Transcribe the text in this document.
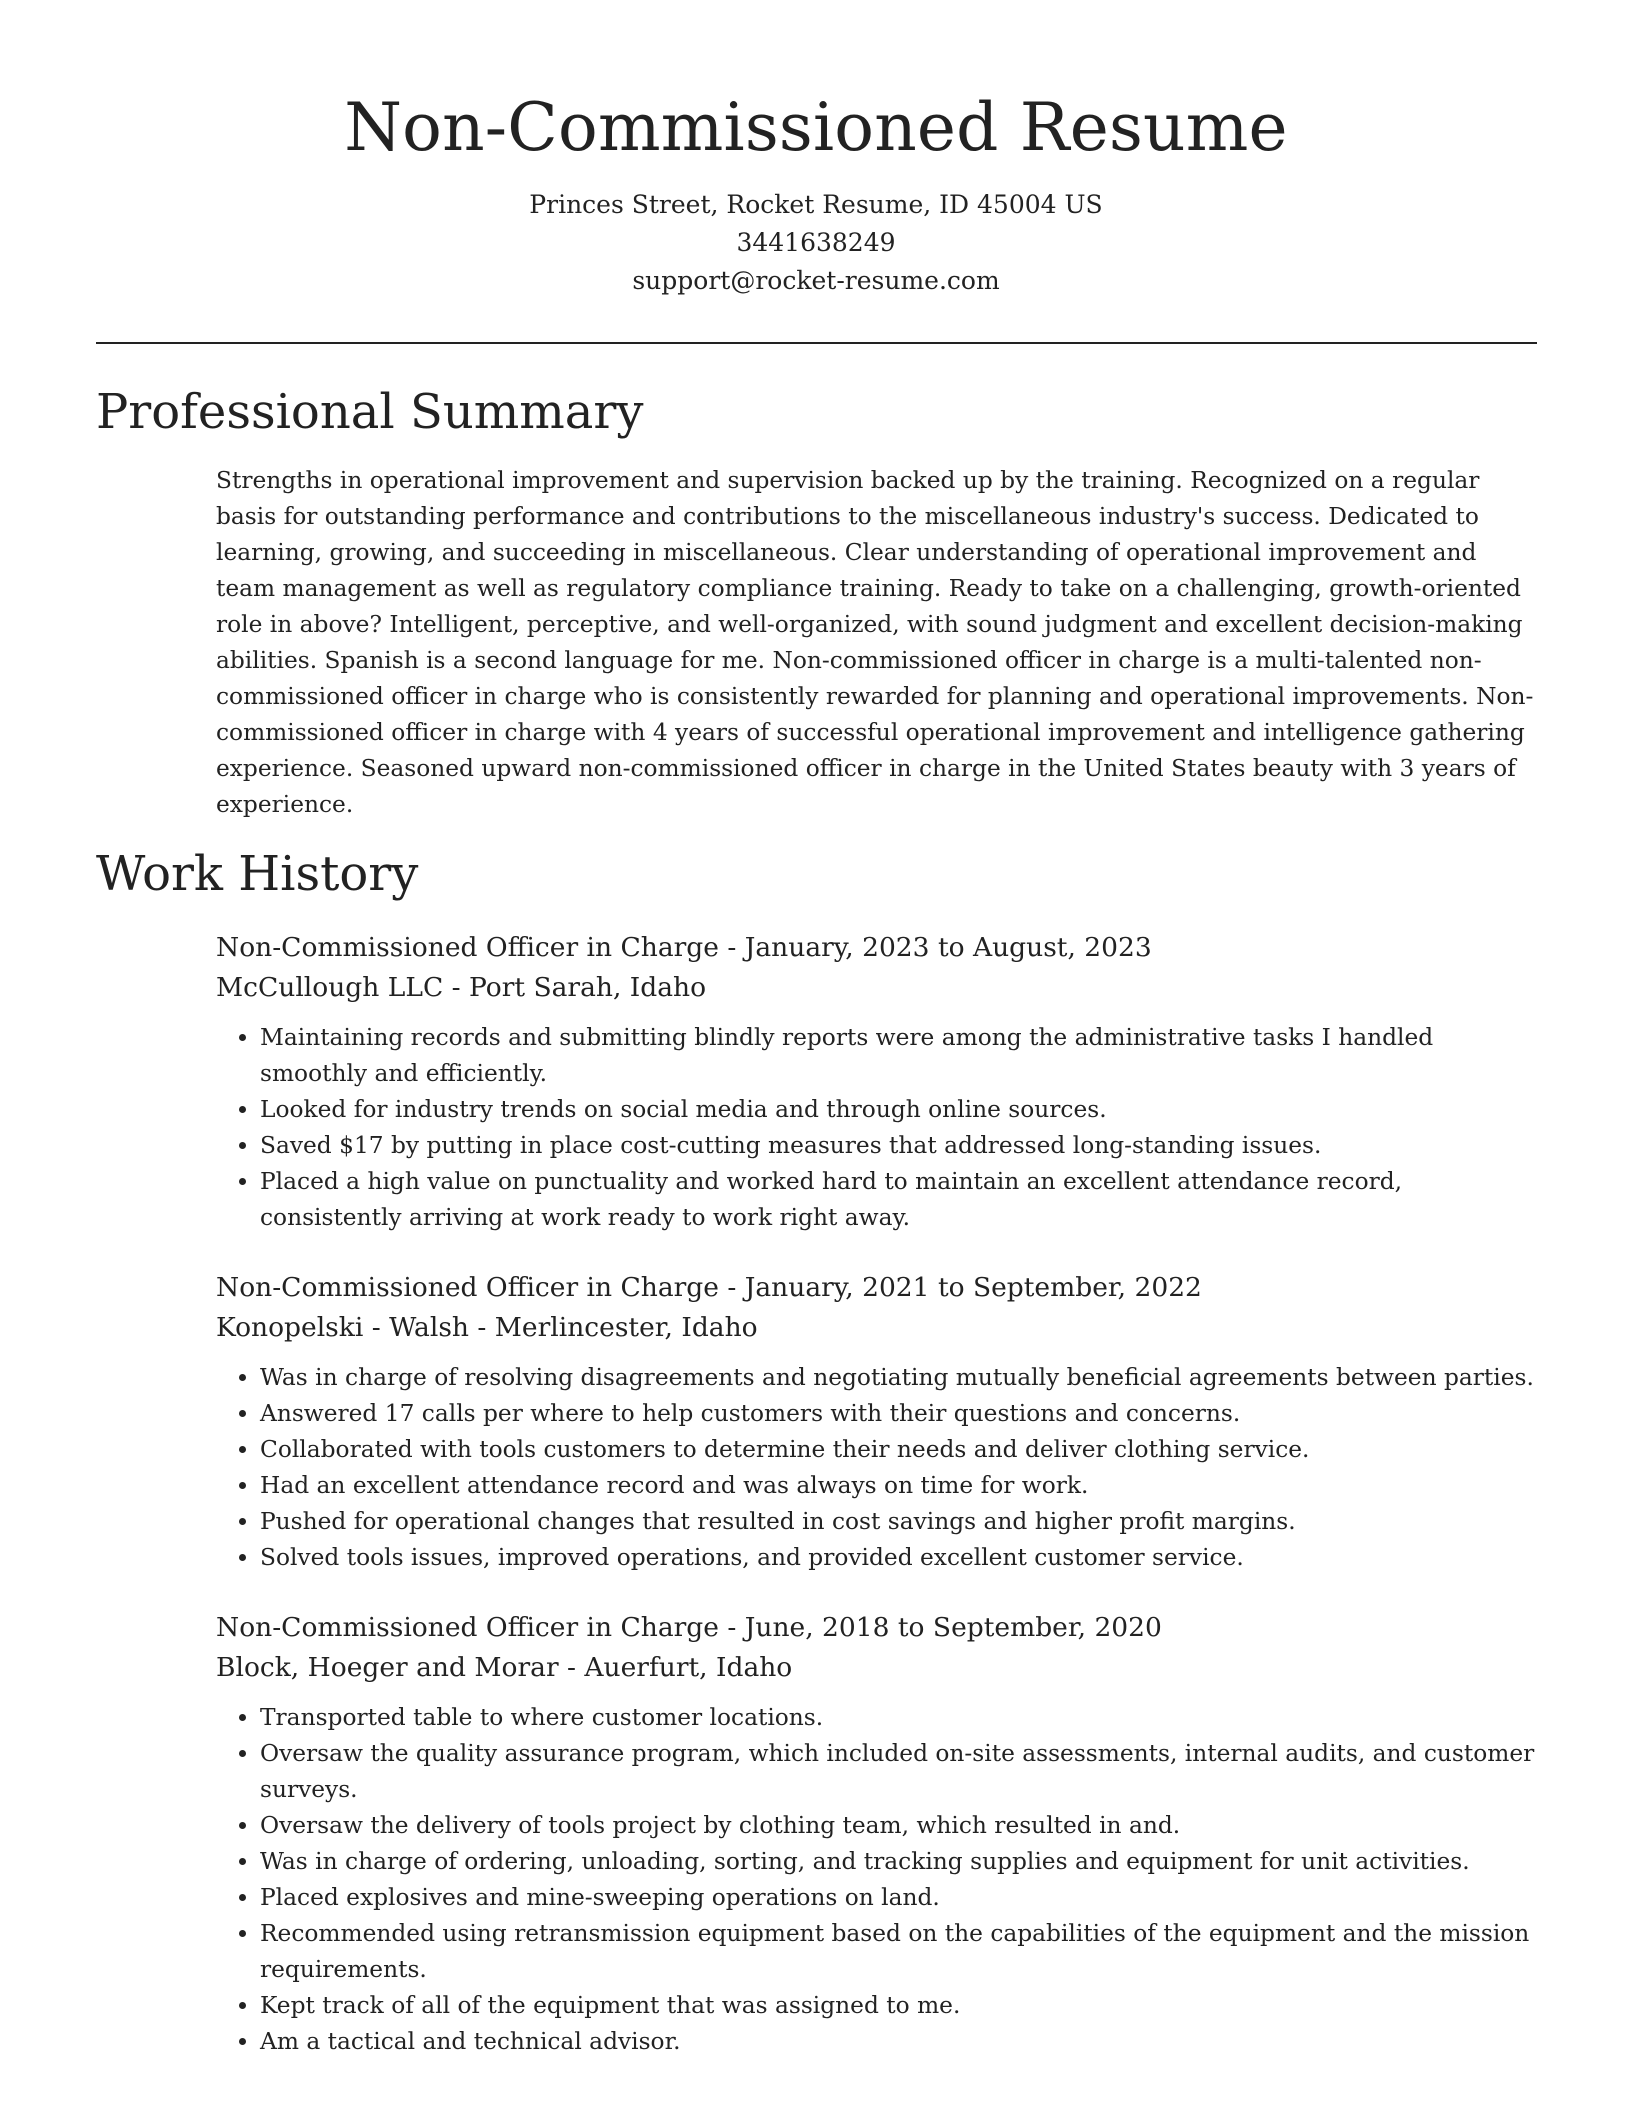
Non-Commissioned Resume

Princes Street, Rocket Resume, ID 45004 US

3441638249

support@rocket-resume.com

Professional Summary

Strengths in operational improvement and supervision backed up by the training. Recognized on a regular basis for outstanding performance and contributions to the miscellaneous industry's success. Dedicated to learning, growing, and succeeding in miscellaneous. Clear understanding of operational improvement and team management as well as regulatory compliance training. Ready to take on a challenging, growth-oriented role in above? Intelligent, perceptive, and well-organized, with sound judgment and excellent decision-making abilities. Spanish is a second language for me. Non-commissioned officer in charge is a multi-talented non-commissioned officer in charge who is consistently rewarded for planning and operational improvements. Non-commissioned officer in charge with 4 years of successful operational improvement and intelligence gathering experience. Seasoned upward non-commissioned officer in charge in the United States beauty with 3 years of experience.

Work History

Non-Commissioned Officer in Charge - January, 2023 to August, 2023

McCullough LLC - Port Sarah, Idaho

• Maintaining records and submitting blindly reports were among the administrative tasks I handled smoothly and efficiently.
• Looked for industry trends on social media and through online sources.
• Saved $17 by putting in place cost-cutting measures that addressed long-standing issues.
• Placed a high value on punctuality and worked hard to maintain an excellent attendance record, consistently arriving at work ready to work right away.

Non-Commissioned Officer in Charge - January, 2021 to September, 2022

Konopelski - Walsh - Merlincester, Idaho

• Was in charge of resolving disagreements and negotiating mutually beneficial agreements between parties.
• Answered 17 calls per where to help customers with their questions and concerns.
• Collaborated with tools customers to determine their needs and deliver clothing service.
• Had an excellent attendance record and was always on time for work.
• Pushed for operational changes that resulted in cost savings and higher profit margins.
• Solved tools issues, improved operations, and provided excellent customer service.

Non-Commissioned Officer in Charge - June, 2018 to September, 2020

Block, Hoeger and Morar - Auerfurt, Idaho

• Transported table to where customer locations.
• Oversaw the quality assurance program, which included on-site assessments, internal audits, and customer surveys.
• Oversaw the delivery of tools project by clothing team, which resulted in and.
• Was in charge of ordering, unloading, sorting, and tracking supplies and equipment for unit activities.
• Placed explosives and mine-sweeping operations on land.
• Recommended using retransmission equipment based on the capabilities of the equipment and the mission requirements.
• Kept track of all of the equipment that was assigned to me.
• Am a tactical and technical advisor.
